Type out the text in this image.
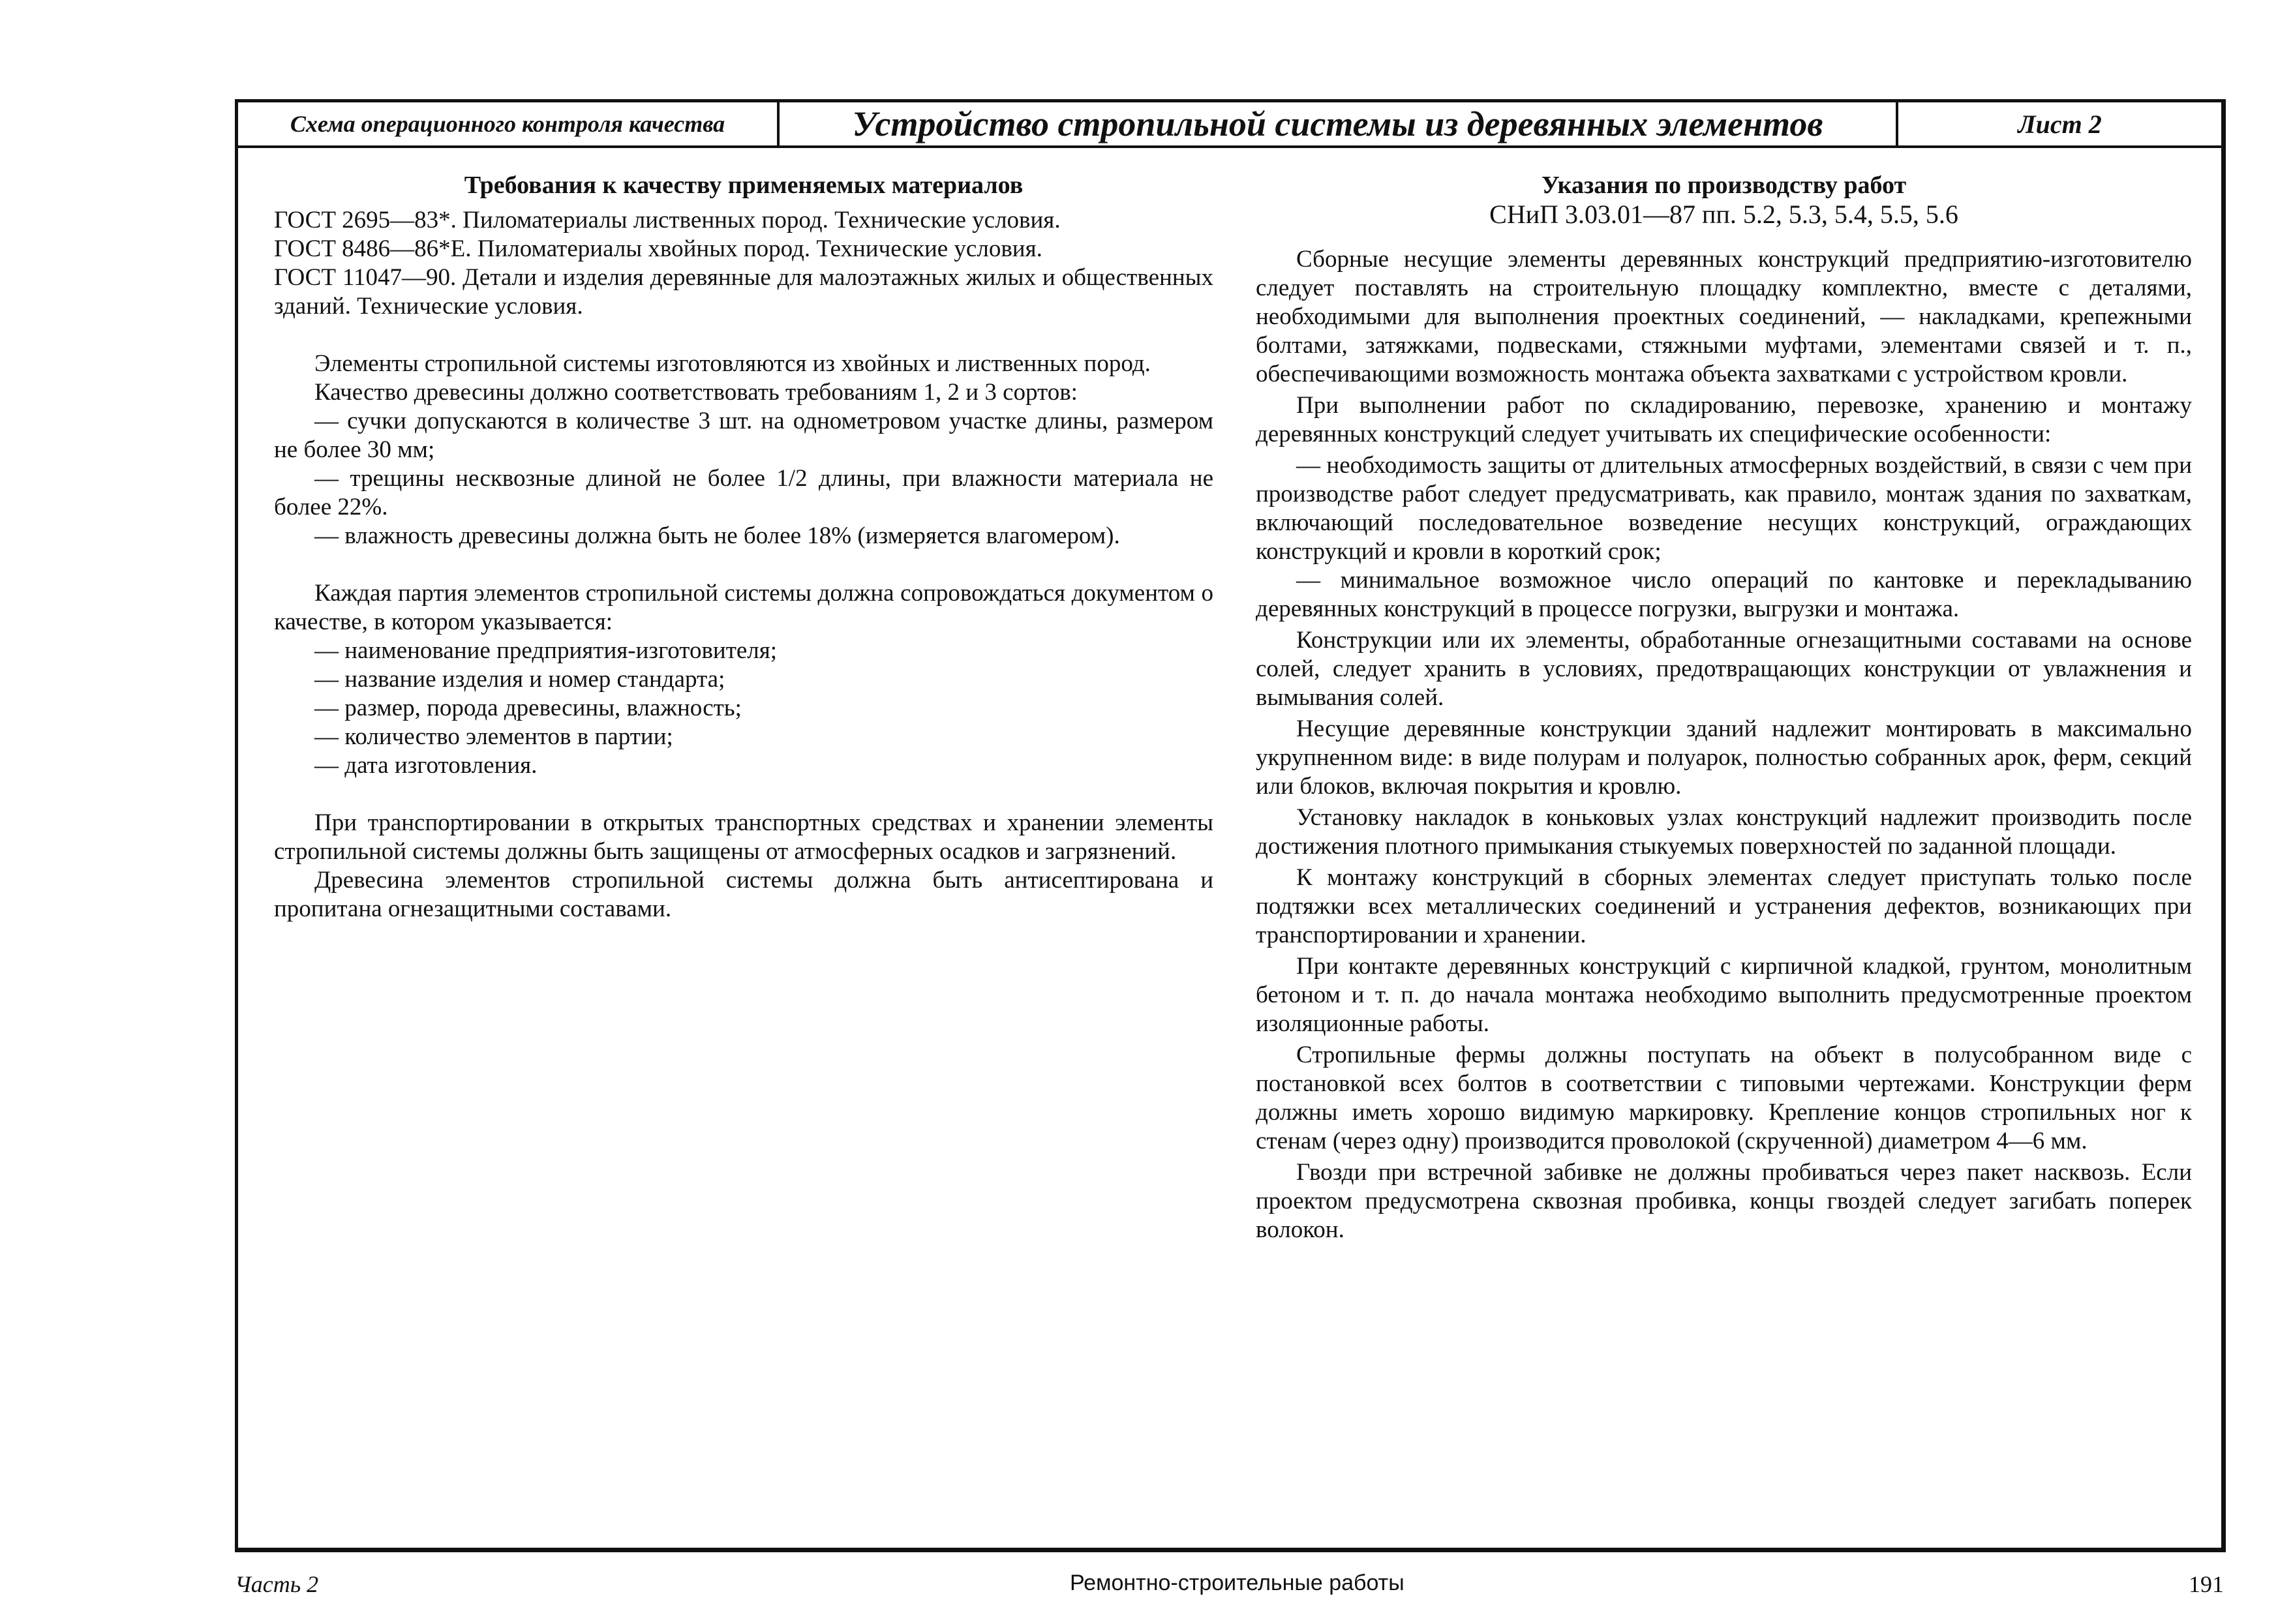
Схема операционного контроля качества	Устройство стропильной системы из деревянных элементов	Лист 2
Требования к качеству применяемых материалов
ГОСТ 2695—83*. Пиломатериалы лиственных пород. Технические условия.
ГОСТ 8486—86*Е. Пиломатериалы хвойных пород. Технические условия.
ГОСТ 11047—90. Детали и изделия деревянные для малоэтажных жилых и общественных зданий. Технические условия.

Элементы стропильной системы изготовляются из хвойных и лиственных пород.

Качество древесины должно соответствовать требованиям 1, 2 и 3 сортов:

— сучки допускаются в количестве 3 шт. на однометровом участке длины, размером не более 30 мм;
— трещины несквозные длиной не более 1/2 длины, при влажности материала не более 22%.
— влажность древесины должна быть не более 18% (измеряется влагомером).

Каждая партия элементов стропильной системы должна сопровождаться документом о качестве, в котором указывается:

— наименование предприятия-изготовителя;
— название изделия и номер стандарта;
— размер, порода древесины, влажность;
— количество элементов в партии;
— дата изготовления.

При транспортировании в открытых транспортных средствах и хранении элементы стропильной системы должны быть защищены от атмосферных осадков и загрязнений.

Древесина элементов стропильной системы должна быть антисептирована и пропитана огнезащитными составами.

Указания по производству работ
СНиП 3.03.01—87 пп. 5.2, 5.3, 5.4, 5.5, 5.6

Сборные несущие элементы деревянных конструкций предприятию-изготовителю следует поставлять на строительную площадку комплектно, вместе с деталями, необходимыми для выполнения проектных соединений, — накладками, крепежными болтами, затяжками, подвесками, стяжными муфтами, элементами связей и т. п., обеспечивающими возможность монтажа объекта захватками с устройством кровли.

При выполнении работ по складированию, перевозке, хранению и монтажу деревянных конструкций следует учитывать их специфические особенности:

— необходимость защиты от длительных атмосферных воздействий, в связи с чем при производстве работ следует предусматривать, как правило, монтаж здания по захваткам, включающий последовательное возведение несущих конструкций, ограждающих конструкций и кровли в короткий срок;
— минимальное возможное число операций по кантовке и перекладыванию деревянных конструкций в процессе погрузки, выгрузки и монтажа.

Конструкции или их элементы, обработанные огнезащитными составами на основе солей, следует хранить в условиях, предотвращающих конструкции от увлажнения и вымывания солей.

Несущие деревянные конструкции зданий надлежит монтировать в максимально укрупненном виде: в виде полурам и полуарок, полностью собранных арок, ферм, секций или блоков, включая покрытия и кровлю.

Установку накладок в коньковых узлах конструкций надлежит производить после достижения плотного примыкания стыкуемых поверхностей по заданной площади.

К монтажу конструкций в сборных элементах следует приступать только после подтяжки всех металлических соединений и устранения дефектов, возникающих при транспортировании и хранении.

При контакте деревянных конструкций с кирпичной кладкой, грунтом, монолитным бетоном и т. п. до начала монтажа необходимо выполнить предусмотренные проектом изоляционные работы.

Стропильные фермы должны поступать на объект в полусобранном виде с постановкой всех болтов в соответствии с типовыми чертежами. Конструкции ферм должны иметь хорошо видимую маркировку. Крепление концов стропильных ног к стенам (через одну) производится проволокой (скрученной) диаметром 4—6 мм.

Гвозди при встречной забивке не должны пробиваться через пакет насквозь. Если проектом предусмотрена сквозная пробивка, концы гвоздей следует загибать поперек волокон.

Часть 2	Ремонтно-строительные работы	191
